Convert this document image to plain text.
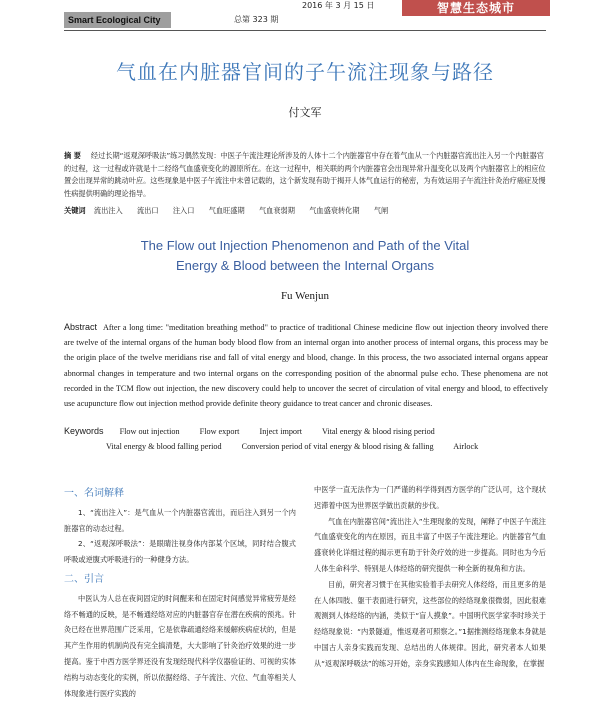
Smart Ecological City	总第 323 期
2016 年 3 月 15 日	智慧生态城市
气血在内脏器官间的子午流注现象与路径
付文军
摘 要 经过长期“返观深呼吸法”练习偶然发现：中医子午流注理论所涉及的人体十二个内脏器官中存在着气血从一个内脏器官流出注入另一个内脏器官的过程，这一过程或许就是十二经络气血盛衰变化的源原所在。在这一过程中，相关联的两个内脏器官会出现异常升温变化以及两个内脏器官上的相应位置会出现异常的跳动叶应。这些现象是中医子午流注中未曾记载的，这个新发现有助于揭开人体气血运行的秘密，为有效运用子午流注针灸治疗癌症及慢性病提供明确的理论指导。
关键词 流出注入 流出口 注入口 气血旺盛期 气血衰弱期 气血盛衰转化期 气闸
The Flow out Injection Phenomenon and Path of the Vital
Energy & Blood between the Internal Organs
Fu Wenjun
Abstract After a long time: "meditation breathing method" to practice of traditional Chinese medicine flow out injection theory involved there are twelve of the internal organs of the human body blood flow from an internal organ into another process of internal organs, this process may be the origin place of the twelve meridians rise and fall of vital energy and blood, change. In this process, the two associated internal organs appear abnormal changes in temperature and two internal organs on the corresponding position of the abnormal pulse echo. These phenomena are not recorded in the TCM flow out injection, the new discovery could help to uncover the secret of circulation of vital energy and blood, to effectively use acupuncture flow out injection method provide definite theory guidance to treat cancer and chronic diseases.
Keywords Flow out injection Flow export Inject import Vital energy & blood rising period
Vital energy & blood falling period Conversion period of vital energy & blood rising & falling Airlock
一、名词解释

1、“流出注入”：是气血从一个内脏器官流出，而后注入到另一个内脏器官的动态过程。

2、“返观深呼吸法”：是眼睛注视身体内部某个区域，同时结合腹式呼吸或逆腹式呼吸进行的一种健身方法。

二、引言

中医认为人总在夜间固定的时间醒来和在固定时间感觉异常疲劳是经络不畅通的反映，是不畅通经络对应的内脏器官存在潜在疾病的预兆。针灸已经在世界范围广泛采用，它是依靠疏通经络来缓解疾病症状的，但是其产生作用的机制尚没有完全搞清楚，大大影响了针灸治疗效果的进一步提高。鉴于中西方医学界还没有发现经现代科学仪器验证的、可视的实体结构与动态变化的实例，所以依据经络、子午流注、穴位、气血等相关人体现象进行医疗实践的

中医学一直无法作为一门严谨的科学得到西方医学的广泛认可，这个现状迟滞着中医为世界医学做出贡献的步伐。

气血在内脏器官间“流出注入”生理现象的发现，阐释了中医子午流注气血盛衰变化的内在原因，而且丰富了中医子午流注理论。内脏器官气血盛衰转化详细过程的揭示更有助于针灸疗效的进一步提高。同时也为今后人体生命科学、特别是人体经络的研究提供一种全新的视角和方法。

目前，研究者习惯于在其他实验着手去研究人体经络，而且更多的是在人体四肢、躯干表面进行研究，这些部位的经络现象很微弱，因此很难观测到人体经络的内涵，类似于“盲人摸象”。中国明代医学家李时珍关于经络现象说：“内景隧道，惟返观者可照察之。”1据推测经络现象本身就是中国古人亲身实践而发现、总结出的人体规律。因此，研究者本人如果从“返观深呼吸法”的练习开始，亲身实践感知人体内在生命现象，在掌握
